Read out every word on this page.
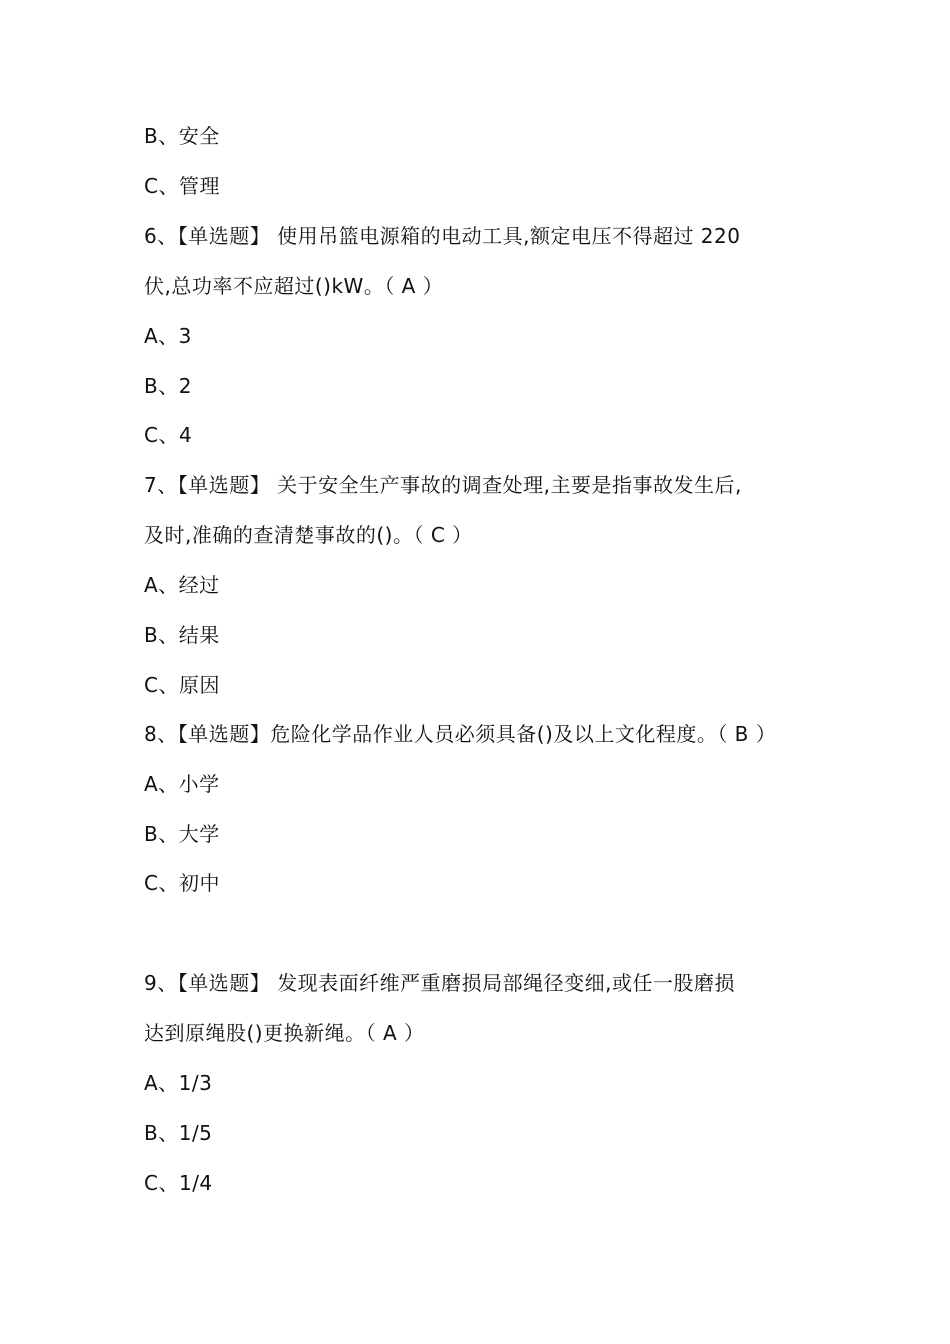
B、安全
C、管理
6、【单选题】 使用吊篮电源箱的电动工具,额定电压不得超过 220
伏,总功率不应超过()kW。（ A ）
A、3
B、2
C、4
7、【单选题】 关于安全生产事故的调查处理,主要是指事故发生后,
及时,准确的查清楚事故的()。（ C ）
A、经过
B、结果
C、原因
8、【单选题】危险化学品作业人员必须具备()及以上文化程度。（ B ）
A、小学
B、大学
C、初中
9、【单选题】 发现表面纤维严重磨损局部绳径变细,或任一股磨损
达到原绳股()更换新绳。（ A ）
A、1/3
B、1/5
C、1/4
